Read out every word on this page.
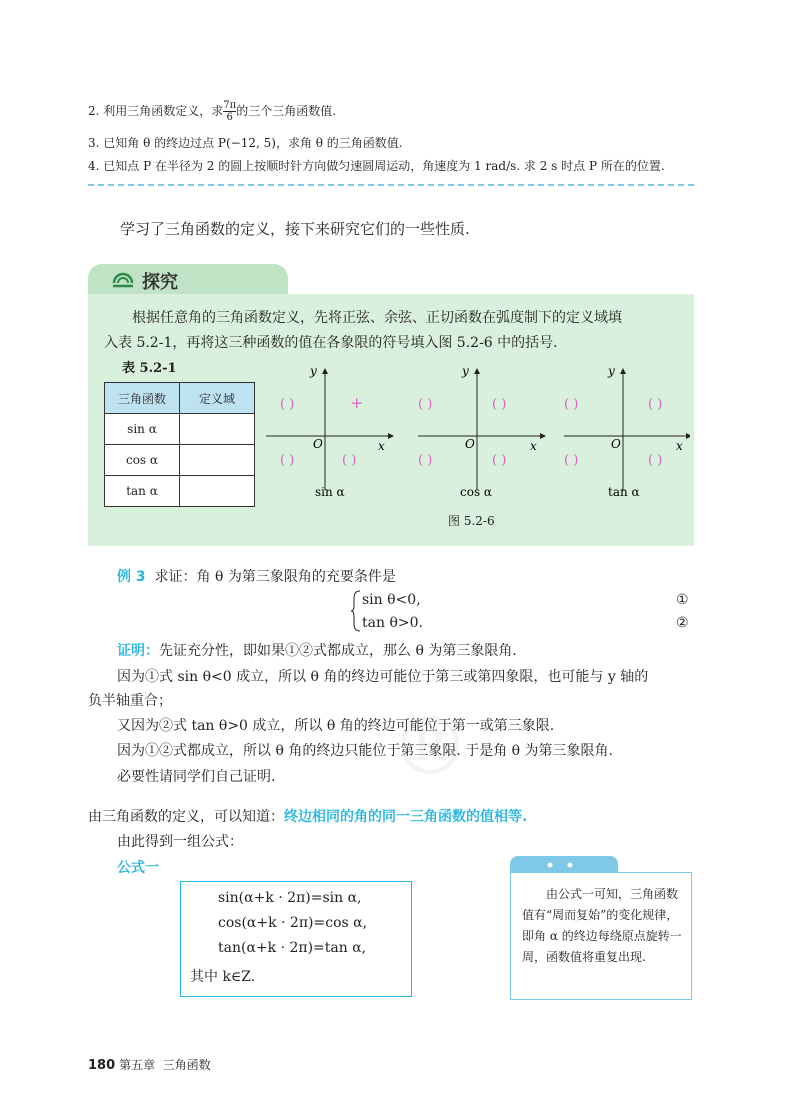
2. 利用三角函数定义，求 $\frac{7\pi}{6}$ 的三个三角函数值.
3. 已知角 θ 的终边过点 P(−12, 5)，求角 θ 的三角函数值.
4. 已知点 P 在半径为 2 的圆上按顺时针方向做匀速圆周运动，角速度为 1 rad/s. 求 2 s 时点 P 所在的位置.
学习了三角函数的定义，接下来研究它们的一些性质.
探究
根据任意角的三角函数定义，先将正弦、余弦、正切函数在弧度制下的定义域填
入表 5.2-1，再将这三种函数的值在各象限的符号填入图 5.2-6 中的括号.
表 5.2-1
三角函数	定义域
sin α	
cos α	
tan α	
x
y
O
( )	+
( )	( )
sin α
x
y
O
( )	( )
( )	( )
cos α
x
y
O
( )	( )
( )	( )
tan α
图 5.2-6
例 3 求证：角 θ 为第三象限角的充要条件是
sin θ<0,
tan θ>0.
①
②
证明：先证充分性，即如果①②式都成立，那么 θ 为第三象限角.
因为①式 sin θ<0 成立，所以 θ 角的终边可能位于第三或第四象限，也可能与 y 轴的
负半轴重合；
又因为②式 tan θ>0 成立，所以 θ 角的终边可能位于第一或第三象限.
因为①②式都成立，所以 θ 角的终边只能位于第三象限. 于是角 θ 为第三象限角.
必要性请同学们自己证明. ®
由三角函数的定义，可以知道：终边相同的角的同一三角函数的值相等.
由此得到一组公式：
公式一
sin(α+k · 2π)=sin α,
cos(α+k · 2π)=cos α,
tan(α+k · 2π)=tan α,
其中 k∈Z.
由公式一可知，三角函数值有“周而复始”的变化规律，即角 α 的终边每绕原点旋转一周，函数值将重复出现.
180 第五章 三角函数
